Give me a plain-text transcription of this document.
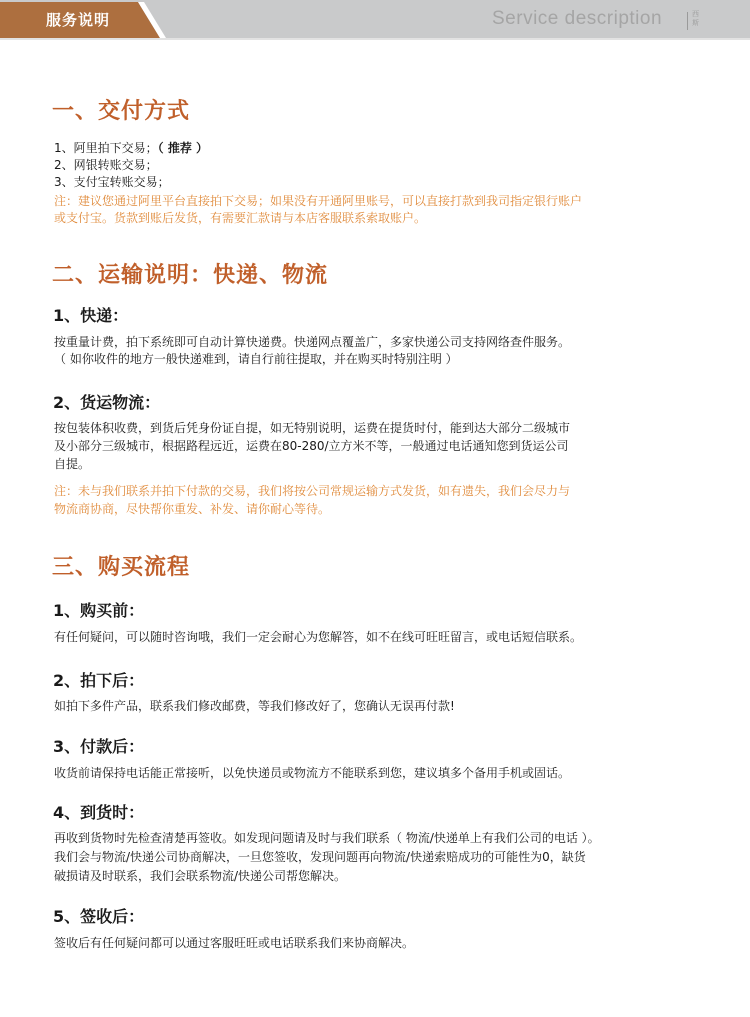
服务说明	Service description	西
斯
一、交付方式
1、阿里拍下交易；（ 推荐 ）
2、网银转账交易；
3、支付宝转账交易；
注：建议您通过阿里平台直接拍下交易；如果没有开通阿里账号，可以直接打款到我司指定银行账户
或支付宝。货款到账后发货，有需要汇款请与本店客服联系索取账户。
二、运输说明：快递、物流
1、快递：
按重量计费，拍下系统即可自动计算快递费。快递网点覆盖广，多家快递公司支持网络查件服务。
（ 如你收件的地方一般快递难到，请自行前往提取，并在购买时特别注明 ）
2、货运物流：
按包装体积收费，到货后凭身份证自提，如无特别说明，运费在提货时付，能到达大部分二级城市
及小部分三级城市，根据路程远近，运费在80-280/立方米不等，一般通过电话通知您到货运公司
自提。
注：未与我们联系并拍下付款的交易，我们将按公司常规运输方式发货，如有遗失，我们会尽力与
物流商协商，尽快帮你重发、补发、请你耐心等待。
三、购买流程
1、购买前：
有任何疑问，可以随时咨询哦，我们一定会耐心为您解答，如不在线可旺旺留言，或电话短信联系。
2、拍下后：
如拍下多件产品，联系我们修改邮费，等我们修改好了，您确认无误再付款!
3、付款后：
收货前请保持电话能正常接听，以免快递员或物流方不能联系到您，建议填多个备用手机或固话。
4、到货时：
再收到货物时先检查清楚再签收。如发现问题请及时与我们联系（ 物流/快递单上有我们公司的电话 ）。
我们会与物流/快递公司协商解决，一旦您签收，发现问题再向物流/快递索赔成功的可能性为0，缺货
破损请及时联系，我们会联系物流/快递公司帮您解决。
5、签收后：
签收后有任何疑问都可以通过客服旺旺或电话联系我们来协商解决。
